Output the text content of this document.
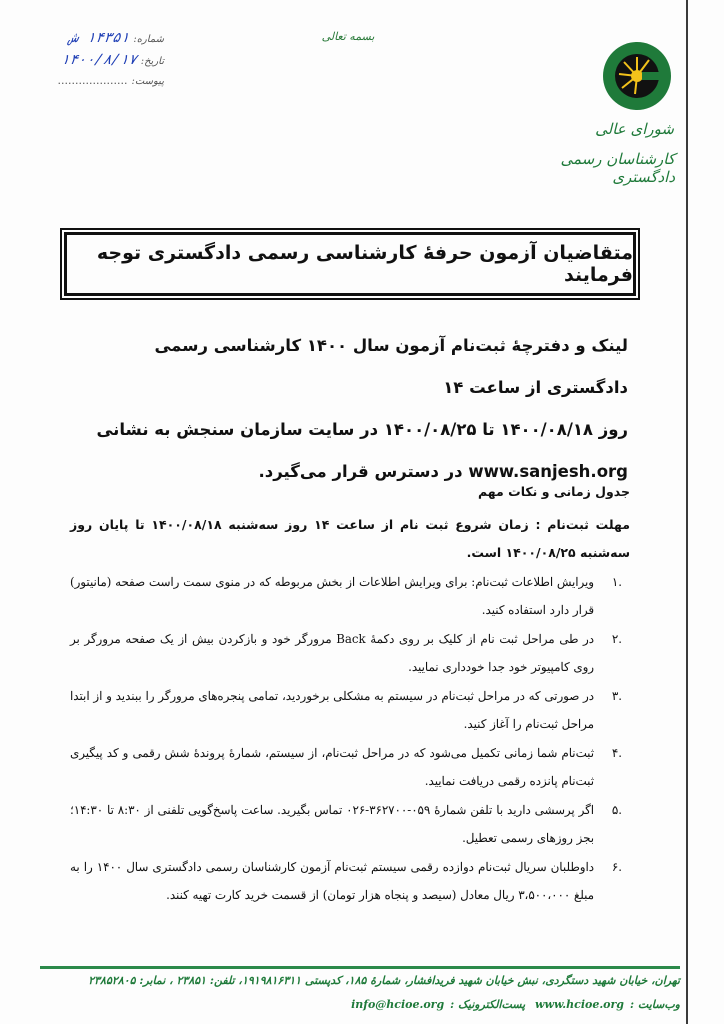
شماره:
۱۴۳۵۱ ش
تاریخ:
۱۴۰۰/۸/۱۷
پیوست:
....................
بسمه تعالی
شورای عالی
کارشناسان رسمی دادگستری
متقاضیان آزمون حرفهٔ کارشناسی رسمی دادگستری توجه فرمایند

لینک و دفترچهٔ ثبت‌نام آزمون سال ۱۴۰۰ کارشناسی رسمی دادگستری از ساعت ۱۴

روز ۱۴۰۰/۰۸/۱۸ تا ۱۴۰۰/۰۸/۲۵ در سایت سازمان سنجش به نشانی

www.sanjesh.org در دسترس قرار می‌گیرد.

جدول زمانی و نکات مهم
مهلت ثبت‌نام : زمان شروع ثبت نام از ساعت ۱۴ روز سه‌شنبه ۱۴۰۰/۰۸/۱۸ تا پایان روز سه‌شنبه ۱۴۰۰/۰۸/۲۵ است.
.۱
ویرایش اطلاعات ثبت‌نام: برای ویرایش اطلاعات از بخش مربوطه که در منوی سمت راست صفحه (مانیتور) قرار دارد استفاده کنید.
.۲
در طی مراحل ثبت نام از کلیک بر روی دکمهٔ Back مرورگر خود و بازکردن بیش از یک صفحه مرورگر بر روی کامپیوتر خود جدا خودداری نمایید.
.۳
در صورتی که در مراحل ثبت‌نام در سیستم به مشکلی برخوردید، تمامی پنجره‌های مرورگر را ببندید و از ابتدا مراحل ثبت‌نام را آغاز کنید.
.۴
ثبت‌نام شما زمانی تکمیل می‌شود که در مراحل ثبت‌نام، از سیستم، شمارهٔ پروندهٔ شش رقمی و کد پیگیری ثبت‌نام پانزده رقمی دریافت نمایید.
.۵
اگر پرسشی دارید با تلفن شمارهٔ ۰۵۹-۳۶۲۷۰۰-۰۲۶ تماس بگیرید. ساعت پاسخ‌گویی تلفنی از ۸:۳۰ تا ۱۴:۳۰؛ بجز روزهای رسمی تعطیل.
.۶
داوطلبان سریال ثبت‌نام دوازده رقمی سیستم ثبت‌نام آزمون کارشناسان رسمی دادگستری سال ۱۴۰۰ را به مبلغ ۳،۵۰۰،۰۰۰ ریال معادل (سیصد و پنجاه هزار تومان) از قسمت خرید کارت تهیه کنند.
تهران، خیابان شهید دستگردی، نبش خیابان شهید فریدافشار، شمارهٔ ۱۸۵، کدپستی ۱۹۱۹۸۱۶۳۱۱، تلفن: ۲۳۸۵۱ ، نمابر: ۲۳۸۵۲۸۰۵
وب‌سایت :www.hcioe.org پست‌الکترونیک :info@hcioe.org
